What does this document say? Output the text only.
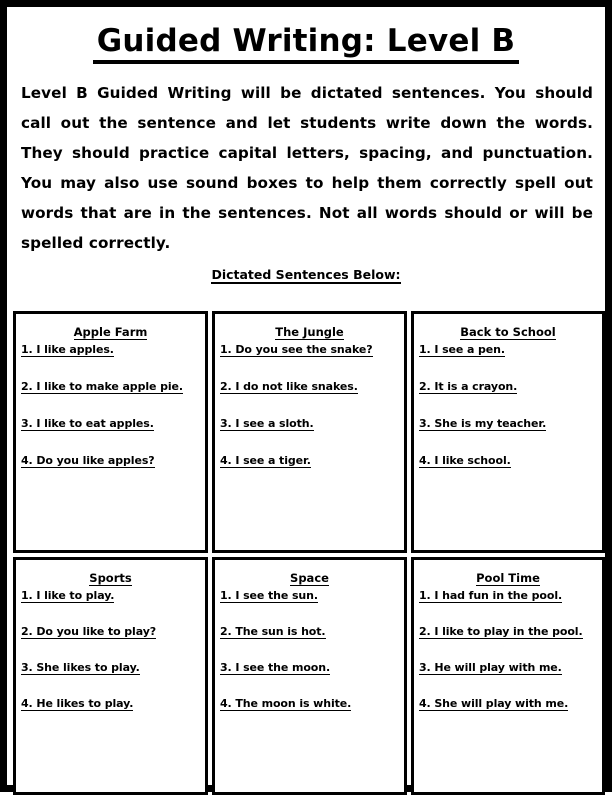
Guided Writing: Level B
Level B Guided Writing will be dictated sentences. You should call out the sentence and let students write down the words. They should practice capital letters, spacing, and punctuation. You may also use sound boxes to help them correctly spell out words that are in the sentences. Not all words should or will be spelled correctly.
Dictated Sentences Below:
Apple Farm
1. I like apples.
2. I like to make apple pie.
3. I like to eat apples.
4. Do you like apples?
The Jungle
1. Do you see the snake?
2. I do not like snakes.
3. I see a sloth.
4. I see a tiger.
Back to School
1. I see a pen.
2. It is a crayon.
3. She is my teacher.
4. I like school.
Sports
1. I like to play.
2. Do you like to play?
3. She likes to play.
4. He likes to play.
Space
1. I see the sun.
2. The sun is hot.
3. I see the moon.
4. The moon is white.
Pool Time
1. I had fun in the pool.
2. I like to play in the pool.
3. He will play with me.
4. She will play with me.
